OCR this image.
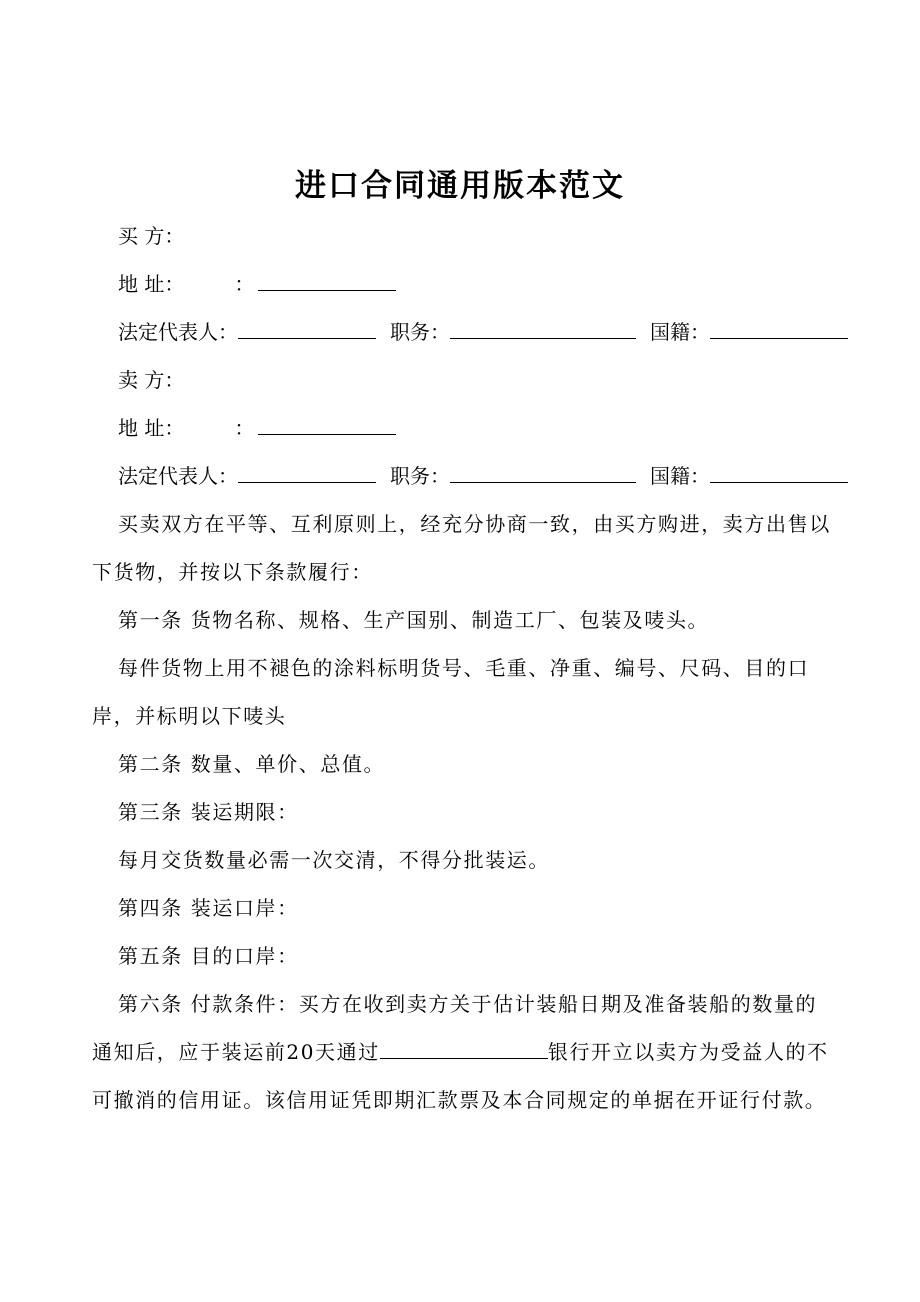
进口合同通用版本范文
买 方：
地 址：	：
法定代表人：	职务：	国籍：
卖 方：
地 址：	：
法定代表人：	职务：	国籍：
买卖双方在平等、互利原则上，经充分协商一致，由买方购进，卖方出售以下货物，并按以下条款履行：
第一条 货物名称、规格、生产国别、制造工厂、包装及唛头。
每件货物上用不褪色的涂料标明货号、毛重、净重、编号、尺码、目的口岸，并标明以下唛头
第二条 数量、单价、总值。
第三条 装运期限：
每月交货数量必需一次交清，不得分批装运。
第四条 装运口岸：
第五条 目的口岸：
第六条 付款条件：买方在收到卖方关于估计装船日期及准备装船的数量的通知后，应于装运前20天通过	银行开立以卖方为受益人的不可撤消的信用证。该信用证凭即期汇款票及本合同规定的单据在开证行付款。
